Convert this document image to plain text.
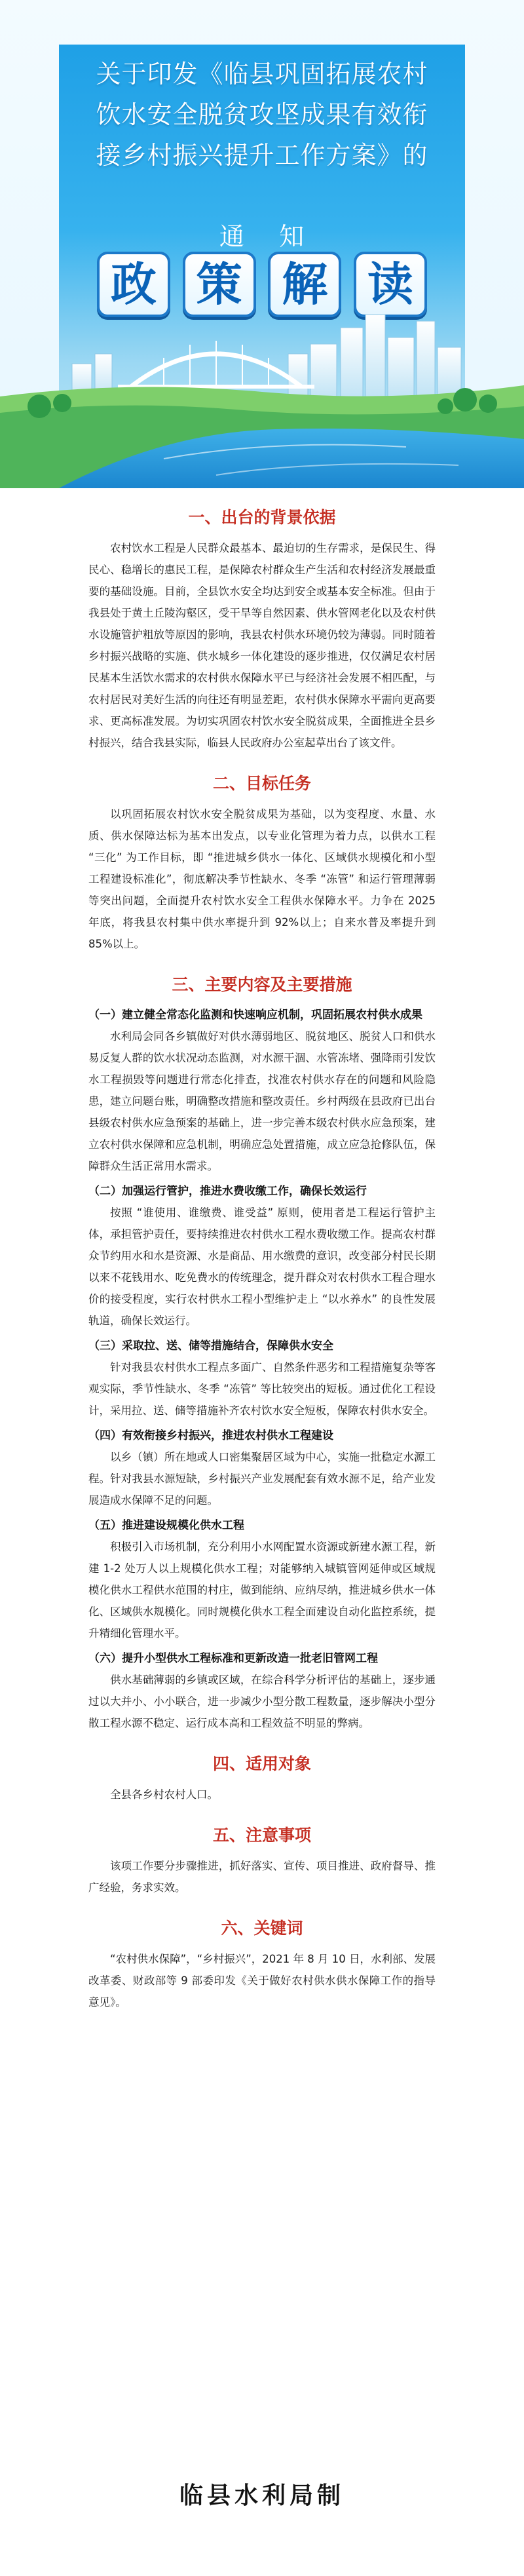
关于印发《临县巩固拓展农村
饮水安全脱贫攻坚成果有效衔
接乡村振兴提升工作方案》的
通    知
政 策 解 读
一、出台的背景依据

农村饮水工程是人民群众最基本、最迫切的生存需求，是保民生、得民心、稳增长的惠民工程，是保障农村群众生产生活和农村经济发展最重要的基础设施。目前，全县饮水安全均达到安全或基本安全标准。但由于我县处于黄土丘陵沟壑区，受干旱等自然因素、供水管网老化以及农村供水设施管护粗放等原因的影响，我县农村供水环境仍较为薄弱。同时随着乡村振兴战略的实施、供水城乡一体化建设的逐步推进，仅仅满足农村居民基本生活饮水需求的农村供水保障水平已与经济社会发展不相匹配，与农村居民对美好生活的向往还有明显差距，农村供水保障水平需向更高要求、更高标准发展。为切实巩固农村饮水安全脱贫成果，全面推进全县乡村振兴，结合我县实际，临县人民政府办公室起草出台了该文件。

二、目标任务

以巩固拓展农村饮水安全脱贫成果为基础，以为变程度、水量、水质、供水保障达标为基本出发点，以专业化管理为着力点，以供水工程 “三化” 为工作目标，即 “推进城乡供水一体化、区域供水规模化和小型工程建设标准化”，彻底解决季节性缺水、冬季 “冻管” 和运行管理薄弱等突出问题，全面提升农村饮水安全工程供水保障水平。力争在 2025 年底，将我县农村集中供水率提升到 92%以上；自来水普及率提升到 85%以上。

三、主要内容及主要措施
（一）建立健全常态化监测和快速响应机制，巩固拓展农村供水成果

水利局会同各乡镇做好对供水薄弱地区、脱贫地区、脱贫人口和供水易反复人群的饮水状况动态监测，对水源干涸、水管冻堵、强降雨引发饮水工程损毁等问题进行常态化排查，找准农村供水存在的问题和风险隐患，建立问题台账，明确整改措施和整改责任。乡村两级在县政府已出台县级农村供水应急预案的基础上，进一步完善本级农村供水应急预案，建立农村供水保障和应急机制，明确应急处置措施，成立应急抢修队伍，保障群众生活正常用水需求。

（二）加强运行管护，推进水费收缴工作，确保长效运行

按照 “谁使用、谁缴费、谁受益” 原则，使用者是工程运行管护主体，承担管护责任，要持续推进农村供水工程水费收缴工作。提高农村群众节约用水和水是资源、水是商品、用水缴费的意识，改变部分村民长期以来不花钱用水、吃免费水的传统理念，提升群众对农村供水工程合理水价的接受程度，实行农村供水工程小型维护走上 “以水养水” 的良性发展轨道，确保长效运行。

（三）采取拉、送、储等措施结合，保障供水安全

针对我县农村供水工程点多面广、自然条件恶劣和工程措施复杂等客观实际，季节性缺水、冬季 “冻管” 等比较突出的短板。通过优化工程设计，采用拉、送、储等措施补齐农村饮水安全短板，保障农村供水安全。

（四）有效衔接乡村振兴，推进农村供水工程建设

以乡（镇）所在地或人口密集聚居区域为中心，实施一批稳定水源工程。针对我县水源短缺，乡村振兴产业发展配套有效水源不足，给产业发展造成水保障不足的问题。

（五）推进建设规模化供水工程

积极引入市场机制，充分利用小水网配置水资源或新建水源工程，新建 1-2 处万人以上规模化供水工程；对能够纳入城镇管网延伸或区域规模化供水工程供水范围的村庄，做到能纳、应纳尽纳，推进城乡供水一体化、区域供水规模化。同时规模化供水工程全面建设自动化监控系统，提升精细化管理水平。

（六）提升小型供水工程标准和更新改造一批老旧管网工程

供水基础薄弱的乡镇或区域，在综合科学分析评估的基础上，逐步通过以大并小、小小联合，进一步减少小型分散工程数量，逐步解决小型分散工程水源不稳定、运行成本高和工程效益不明显的弊病。

四、适用对象

全县各乡村农村人口。

五、注意事项

该项工作要分步骤推进，抓好落实、宣传、项目推进、政府督导、推广经验，务求实效。

六、关键词

“农村供水保障”，“乡村振兴”，2021 年 8 月 10 日，水利部、发展改革委、财政部等 9 部委印发《关于做好农村供水供水保障工作的指导意见》。

临县水利局制
